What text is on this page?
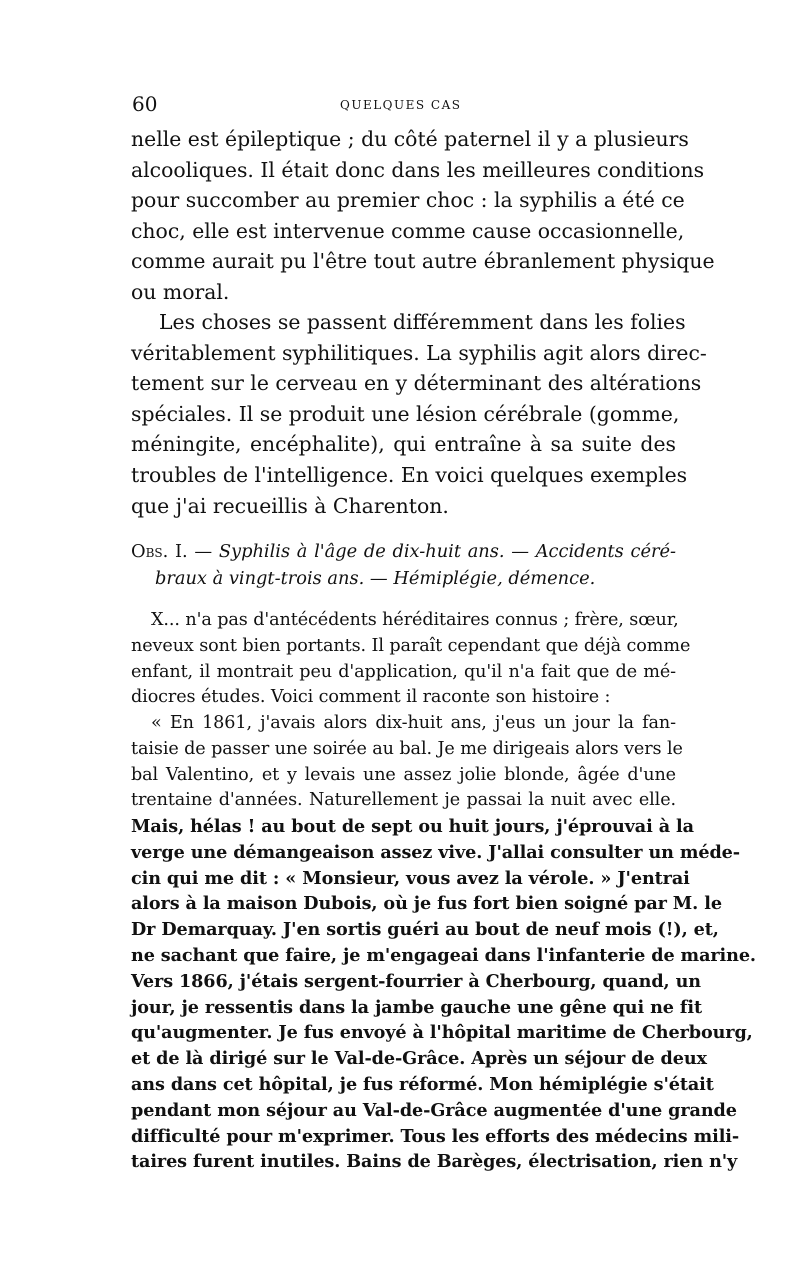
60	QUELQUES CAS
nelle est épileptique ; du côté paternel il y a plusieurs
alcooliques. Il était donc dans les meilleures conditions
pour succomber au premier choc : la syphilis a été ce
choc, elle est intervenue comme cause occasionnelle,
comme aurait pu l'être tout autre ébranlement physique
ou moral.
Les choses se passent différemment dans les folies
véritablement syphilitiques. La syphilis agit alors direc-
tement sur le cerveau en y déterminant des altérations
spéciales. Il se produit une lésion cérébrale (gomme,
méningite, encéphalite), qui entraîne à sa suite des
troubles de l'intelligence. En voici quelques exemples
que j'ai recueillis à Charenton.
Obs. I. — Syphilis à l'âge de dix-huit ans. — Accidents céré-
braux à vingt-trois ans. — Hémiplégie, démence.
X... n'a pas d'antécédents héréditaires connus ; frère, sœur,
neveux sont bien portants. Il paraît cependant que déjà comme
enfant, il montrait peu d'application, qu'il n'a fait que de mé-
diocres études. Voici comment il raconte son histoire :
« En 1861, j'avais alors dix-huit ans, j'eus un jour la fan-
taisie de passer une soirée au bal. Je me dirigeais alors vers le
bal Valentino, et y levais une assez jolie blonde, âgée d'une
trentaine d'années. Naturellement je passai la nuit avec elle.
Mais, hélas ! au bout de sept ou huit jours, j'éprouvai à la
verge une démangeaison assez vive. J'allai consulter un méde-
cin qui me dit : « Monsieur, vous avez la vérole. » J'entrai
alors à la maison Dubois, où je fus fort bien soigné par M. le
Dr Demarquay. J'en sortis guéri au bout de neuf mois (!), et,
ne sachant que faire, je m'engageai dans l'infanterie de marine.
Vers 1866, j'étais sergent-fourrier à Cherbourg, quand, un
jour, je ressentis dans la jambe gauche une gêne qui ne fit
qu'augmenter. Je fus envoyé à l'hôpital maritime de Cherbourg,
et de là dirigé sur le Val-de-Grâce. Après un séjour de deux
ans dans cet hôpital, je fus réformé. Mon hémiplégie s'était
pendant mon séjour au Val-de-Grâce augmentée d'une grande
difficulté pour m'exprimer. Tous les efforts des médecins mili-
taires furent inutiles. Bains de Barèges, électrisation, rien n'y
